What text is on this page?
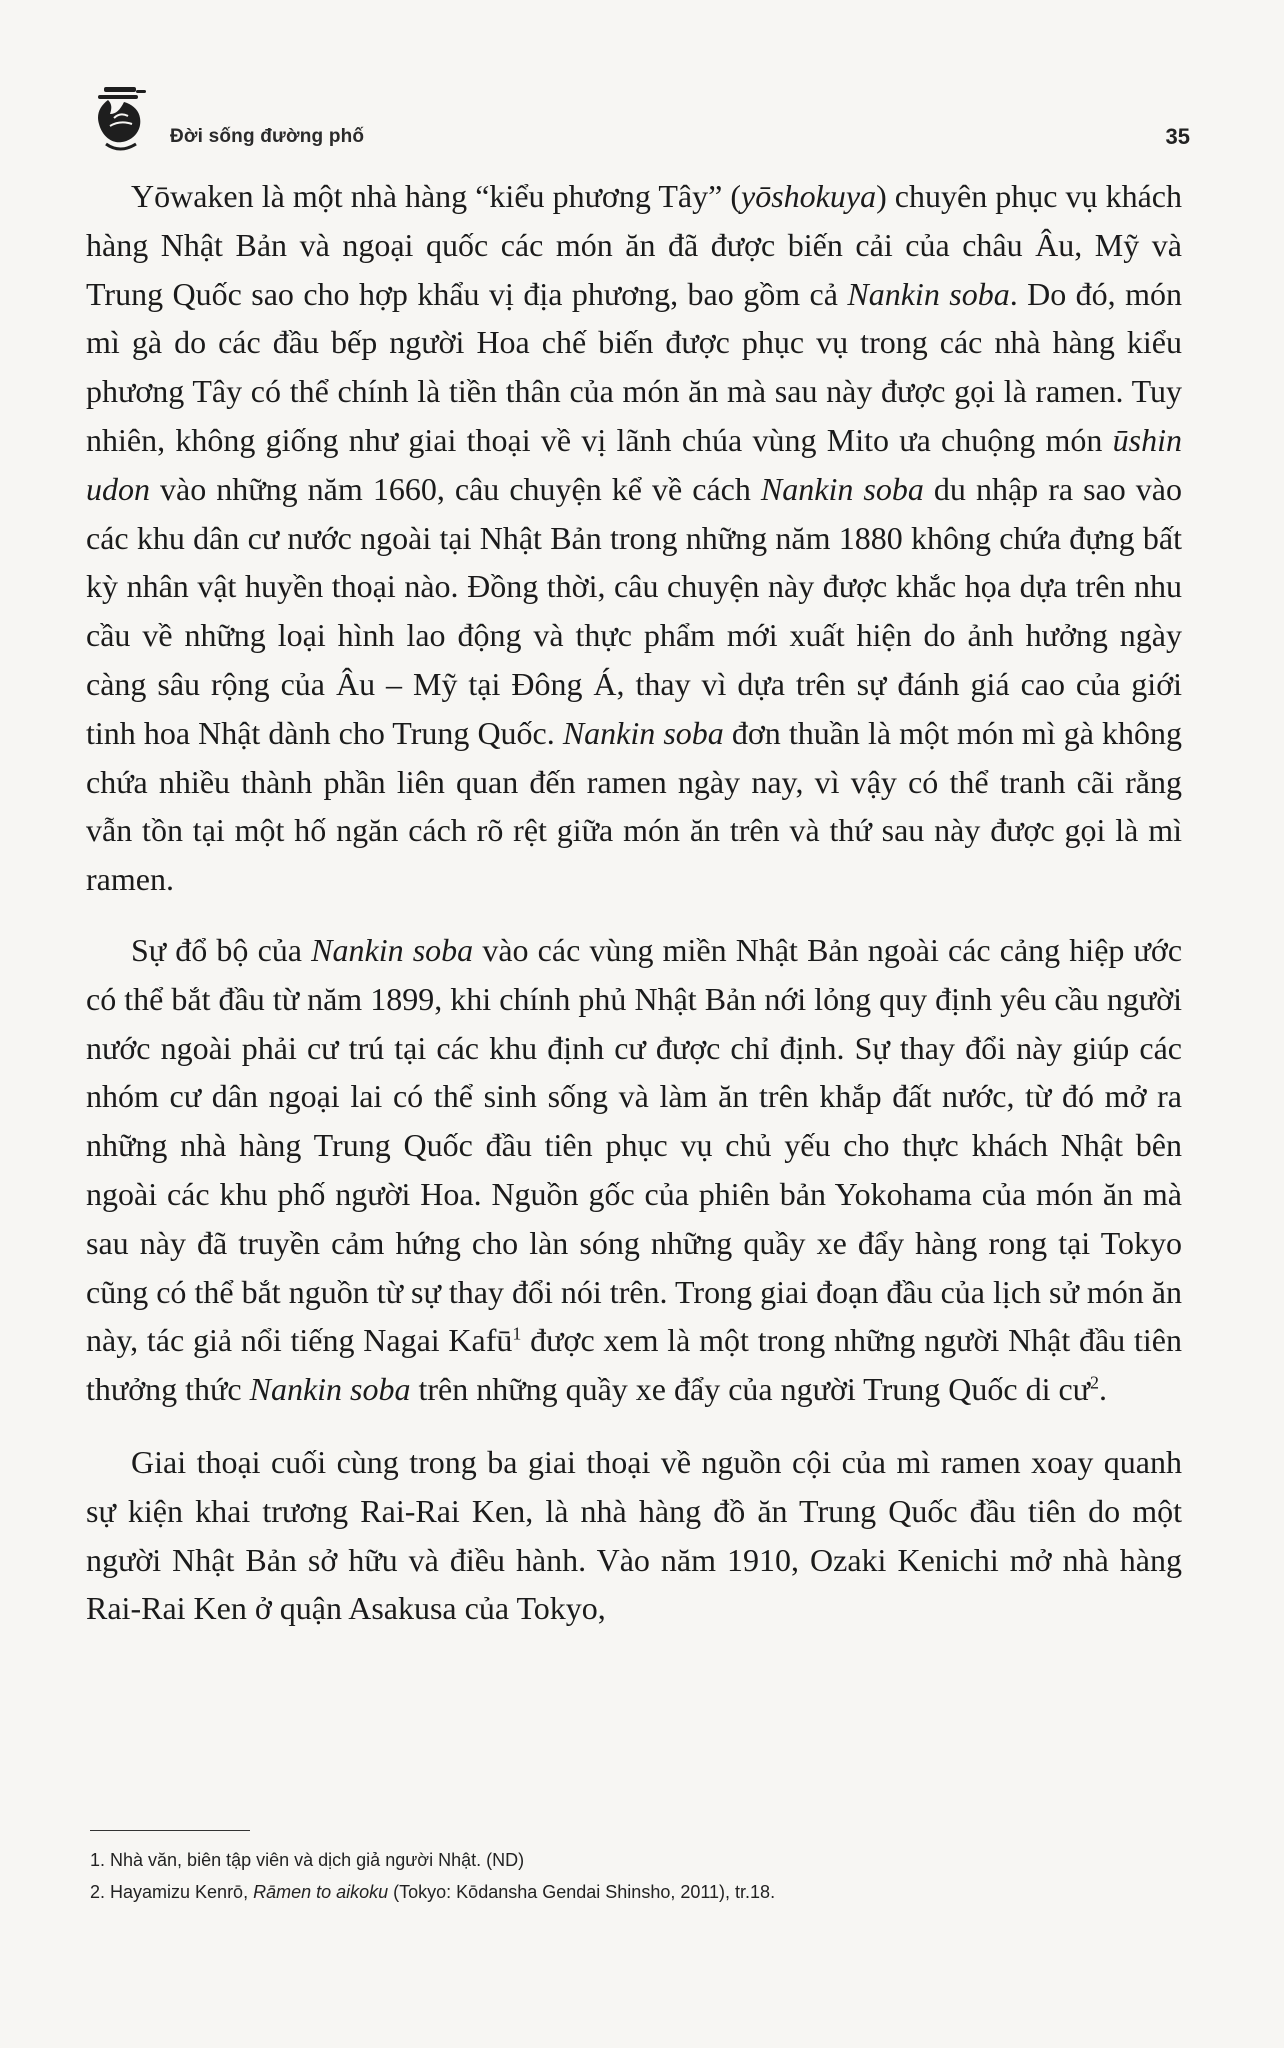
Đời sống đường phố	35

Yōwaken là một nhà hàng “kiểu phương Tây” (yōshokuya) chuyên phục vụ khách hàng Nhật Bản và ngoại quốc các món ăn đã được biến cải của châu Âu, Mỹ và Trung Quốc sao cho hợp khẩu vị địa phương, bao gồm cả Nankin soba. Do đó, món mì gà do các đầu bếp người Hoa chế biến được phục vụ trong các nhà hàng kiểu phương Tây có thể chính là tiền thân của món ăn mà sau này được gọi là ramen. Tuy nhiên, không giống như giai thoại về vị lãnh chúa vùng Mito ưa chuộng món ūshin udon vào những năm 1660, câu chuyện kể về cách Nankin soba du nhập ra sao vào các khu dân cư nước ngoài tại Nhật Bản trong những năm 1880 không chứa đựng bất kỳ nhân vật huyền thoại nào. Đồng thời, câu chuyện này được khắc họa dựa trên nhu cầu về những loại hình lao động và thực phẩm mới xuất hiện do ảnh hưởng ngày càng sâu rộng của Âu – Mỹ tại Đông Á, thay vì dựa trên sự đánh giá cao của giới tinh hoa Nhật dành cho Trung Quốc. Nankin soba đơn thuần là một món mì gà không chứa nhiều thành phần liên quan đến ramen ngày nay, vì vậy có thể tranh cãi rằng vẫn tồn tại một hố ngăn cách rõ rệt giữa món ăn trên và thứ sau này được gọi là mì ramen.

Sự đổ bộ của Nankin soba vào các vùng miền Nhật Bản ngoài các cảng hiệp ước có thể bắt đầu từ năm 1899, khi chính phủ Nhật Bản nới lỏng quy định yêu cầu người nước ngoài phải cư trú tại các khu định cư được chỉ định. Sự thay đổi này giúp các nhóm cư dân ngoại lai có thể sinh sống và làm ăn trên khắp đất nước, từ đó mở ra những nhà hàng Trung Quốc đầu tiên phục vụ chủ yếu cho thực khách Nhật bên ngoài các khu phố người Hoa. Nguồn gốc của phiên bản Yokohama của món ăn mà sau này đã truyền cảm hứng cho làn sóng những quầy xe đẩy hàng rong tại Tokyo cũng có thể bắt nguồn từ sự thay đổi nói trên. Trong giai đoạn đầu của lịch sử món ăn này, tác giả nổi tiếng Nagai Kafū$^1$ được xem là một trong những người Nhật đầu tiên thưởng thức Nankin soba trên những quầy xe đẩy của người Trung Quốc di $cư^2$.

Giai thoại cuối cùng trong ba giai thoại về nguồn cội của mì ramen xoay quanh sự kiện khai trương Rai-Rai Ken, là nhà hàng đồ ăn Trung Quốc đầu tiên do một người Nhật Bản sở hữu và điều hành. Vào năm 1910, Ozaki Kenichi mở nhà hàng Rai-Rai Ken ở quận Asakusa của Tokyo,

1. Nhà văn, biên tập viên và dịch giả người Nhật. (ND)
2. Hayamizu Kenrō, Rāmen to aikoku (Tokyo: Kōdansha Gendai Shinsho, 2011), tr.18.
